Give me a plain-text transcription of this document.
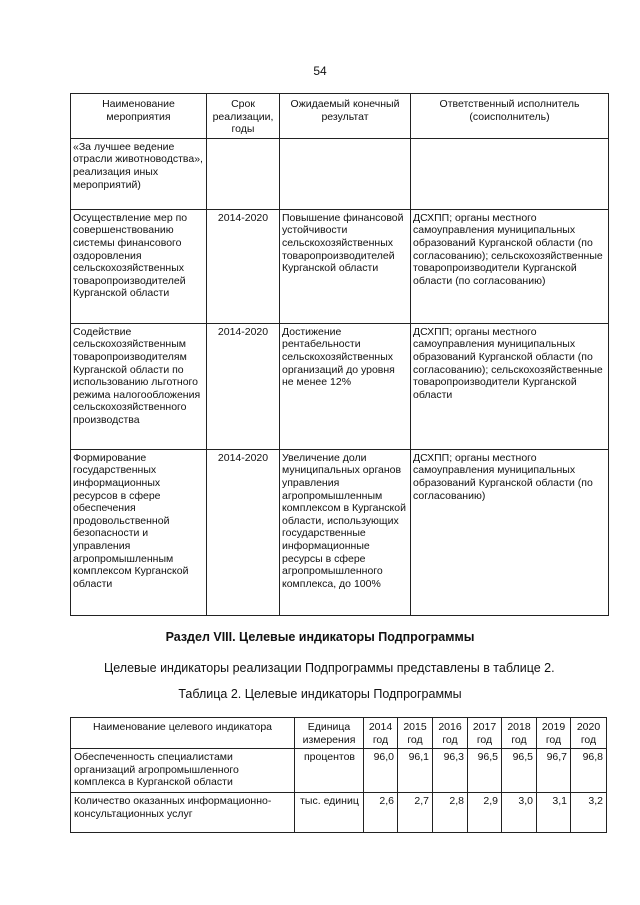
54
Наименование мероприятия	Срок реализации, годы	Ожидаемый конечный результат	Ответственный исполнитель (соисполнитель)
«За лучшее ведение отрасли животноводства», реализация иных мероприятий)			
Осуществление мер по совершенствованию системы финансового оздоровления сельскохозяйственных товаропроизводителей Курганской области	2014-2020	Повышение финансовой устойчивости сельскохозяйственных товаропроизводителей Курганской области	ДСХПП; органы местного самоуправления муниципальных образований Курганской области (по согласованию); сельскохозяйственные товаропроизводители Курганской области (по согласованию)
Содействие сельскохозяйственным товаропроизводителям Курганской области по использованию льготного режима налогообложения сельскохозяйственного производства	2014-2020	Достижение рентабельности сельскохозяйственных организаций до уровня не менее 12%	ДСХПП; органы местного самоуправления муниципальных образований Курганской области (по согласованию); сельскохозяйственные товаропроизводители Курганской области
Формирование государственных информационных ресурсов в сфере обеспечения продовольственной безопасности и управления агропромышленным комплексом Курганской области	2014-2020	Увеличение доли муниципальных органов управления агропромышленным комплексом в Курганской области, использующих государственные информационные ресурсы в сфере агропромышленного комплекса, до 100%	ДСХПП; органы местного самоуправления муниципальных образований Курганской области (по согласованию)
Раздел VIII. Целевые индикаторы Подпрограммы
Целевые индикаторы реализации Подпрограммы представлены в таблице 2.
Таблица 2. Целевые индикаторы Подпрограммы
Наименование целевого индикатора	Единица измерения	2014 год	2015 год	2016 год	2017 год	2018 год	2019 год	2020 год
Обеспеченность специалистами организаций агропромышленного комплекса в Курганской области	процентов	96,0	96,1	96,3	96,5	96,5	96,7	96,8
Количество оказанных информационно-консультационных услуг	тыс. единиц	2,6	2,7	2,8	2,9	3,0	3,1	3,2
